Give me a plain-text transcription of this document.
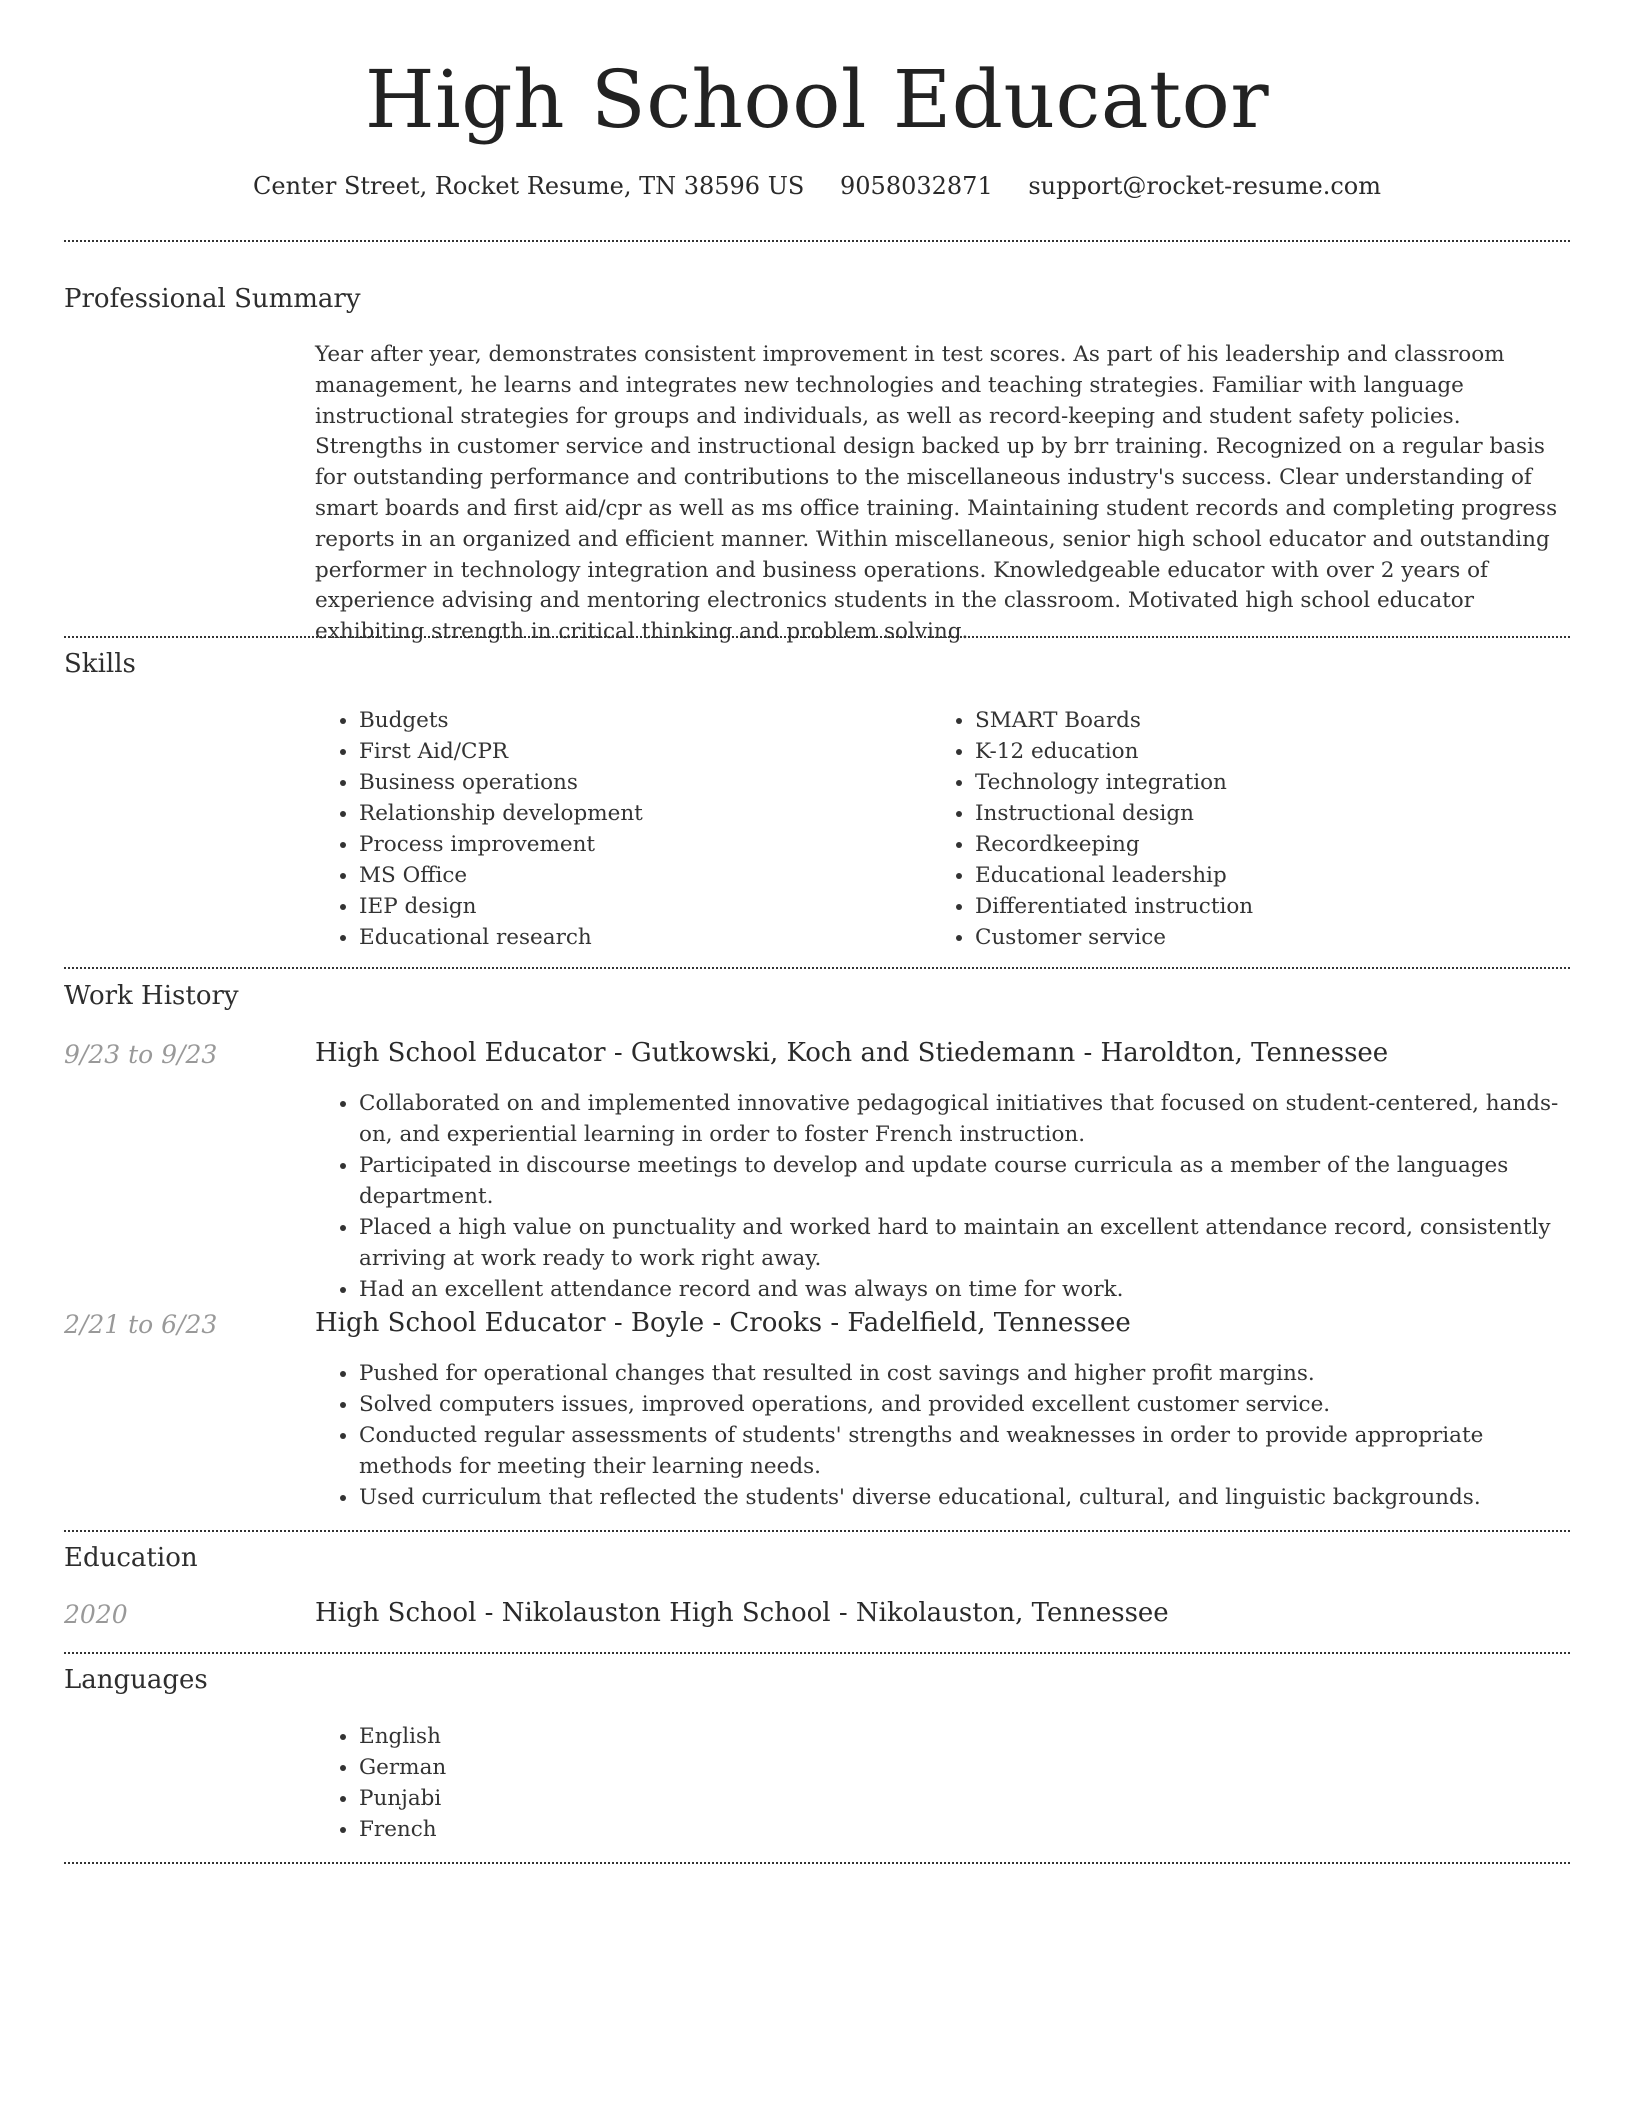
High School Educator
Center Street, Rocket Resume, TN 38596 US 9058032871 support@rocket-resume.com
Professional Summary
Year after year, demonstrates consistent improvement in test scores. As part of his leadership and classroom management, he learns and integrates new technologies and teaching strategies. Familiar with language instructional strategies for groups and individuals, as well as record-keeping and student safety policies. Strengths in customer service and instructional design backed up by brr training. Recognized on a regular basis for outstanding performance and contributions to the miscellaneous industry's success. Clear understanding of smart boards and first aid/cpr as well as ms office training. Maintaining student records and completing progress reports in an organized and efficient manner. Within miscellaneous, senior high school educator and outstanding performer in technology integration and business operations. Knowledgeable educator with over 2 years of experience advising and mentoring electronics students in the classroom. Motivated high school educator exhibiting strength in critical thinking and problem solving.
Skills
• Budgets
• First Aid/CPR
• Business operations
• Relationship development
• Process improvement
• MS Office
• IEP design
• Educational research
• SMART Boards
• K-12 education
• Technology integration
• Instructional design
• Recordkeeping
• Educational leadership
• Differentiated instruction
• Customer service
Work History
9/23 to 9/23	High School Educator - Gutkowski, Koch and Stiedemann - Haroldton, Tennessee
• Collaborated on and implemented innovative pedagogical initiatives that focused on student-centered, hands-on, and experiential learning in order to foster French instruction.
• Participated in discourse meetings to develop and update course curricula as a member of the languages department.
• Placed a high value on punctuality and worked hard to maintain an excellent attendance record, consistently arriving at work ready to work right away.
• Had an excellent attendance record and was always on time for work.
2/21 to 6/23	High School Educator - Boyle - Crooks - Fadelfield, Tennessee
• Pushed for operational changes that resulted in cost savings and higher profit margins.
• Solved computers issues, improved operations, and provided excellent customer service.
• Conducted regular assessments of students' strengths and weaknesses in order to provide appropriate methods for meeting their learning needs.
• Used curriculum that reflected the students' diverse educational, cultural, and linguistic backgrounds.
Education
2020	High School - Nikolauston High School - Nikolauston, Tennessee
Languages
• English
• German
• Punjabi
• French
